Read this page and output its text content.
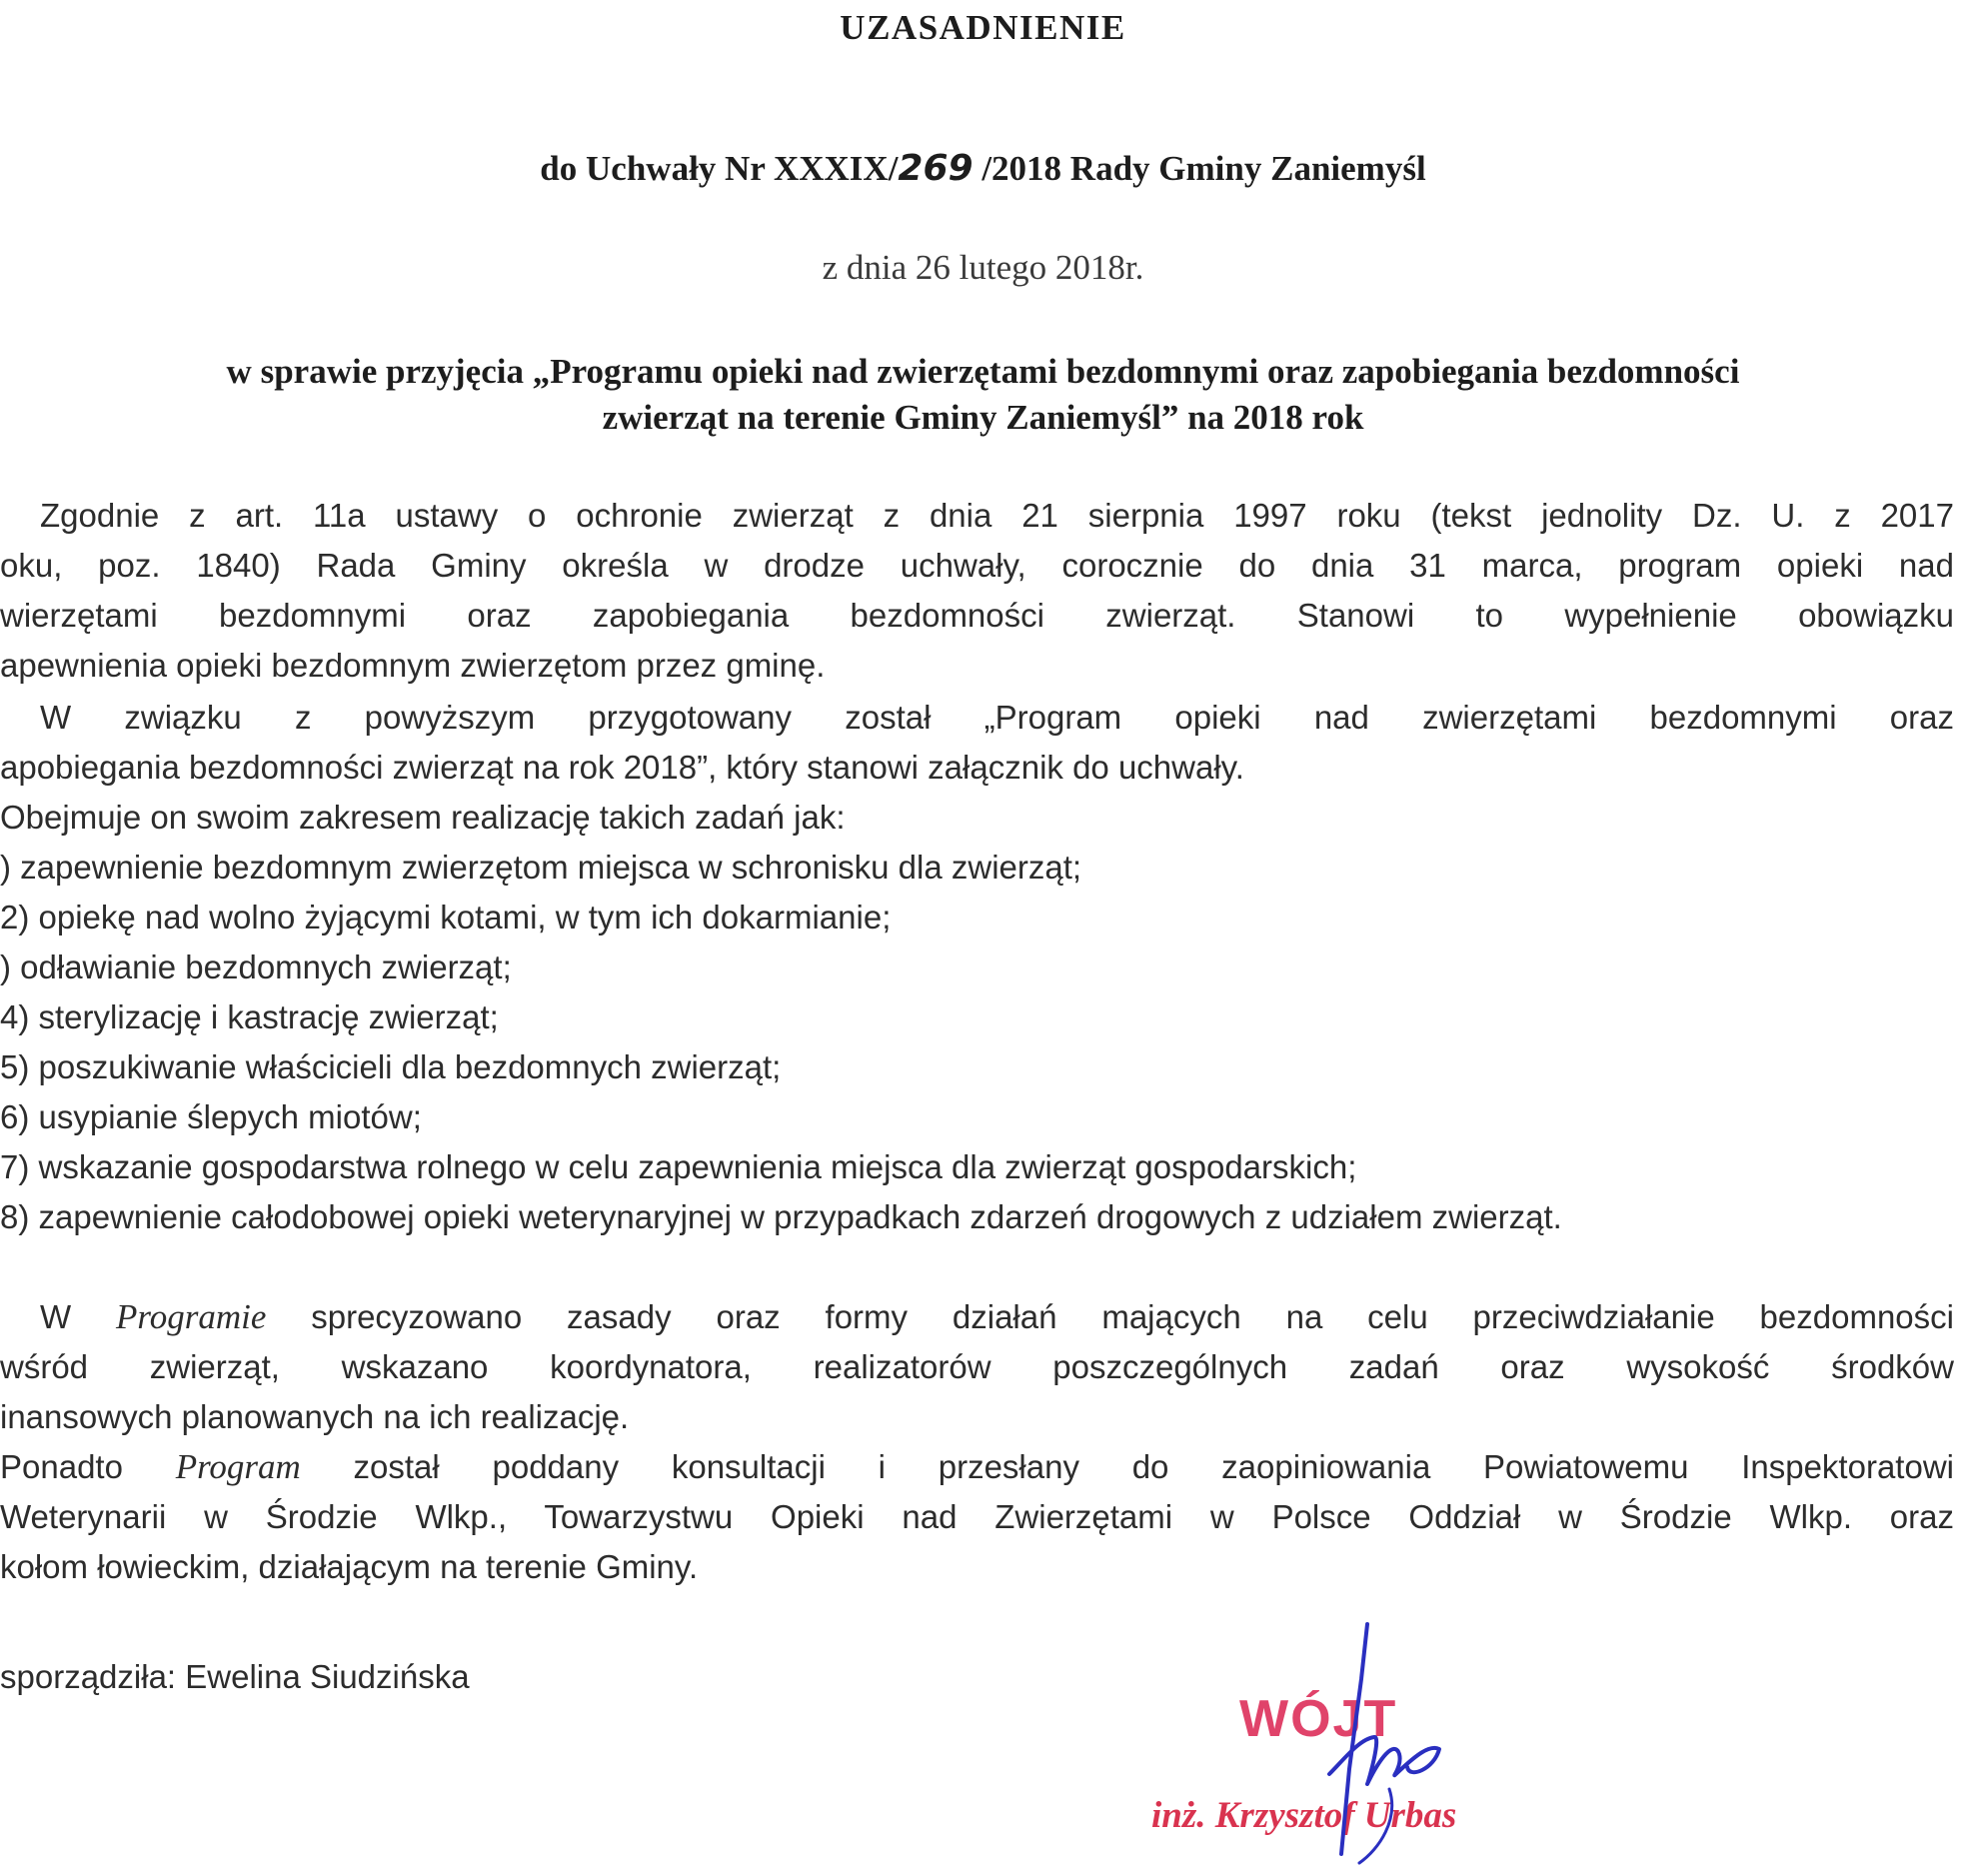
UZASADNIENIE
do Uchwały Nr XXXIX/269 /2018 Rady Gminy Zaniemyśl
z dnia 26 lutego 2018r.
w sprawie przyjęcia „Programu opieki nad zwierzętami bezdomnymi oraz zapobiegania bezdomności
zwierząt na terenie Gminy Zaniemyśl” na 2018 rok
Zgodnie z art. 11a ustawy o ochronie zwierząt z dnia 21 sierpnia 1997 roku (tekst jednolity Dz. U. z 2017
oku, poz. 1840) Rada Gminy określa w drodze uchwały, corocznie do dnia 31 marca, program opieki nad
wierzętami bezdomnymi oraz zapobiegania bezdomności zwierząt. Stanowi to wypełnienie obowiązku
apewnienia opieki bezdomnym zwierzętom przez gminę.
W związku z powyższym przygotowany został „Program opieki nad zwierzętami bezdomnymi oraz
apobiegania bezdomności zwierząt na rok 2018”, który stanowi załącznik do uchwały.
Obejmuje on swoim zakresem realizację takich zadań jak:
) zapewnienie bezdomnym zwierzętom miejsca w schronisku dla zwierząt;
2) opiekę nad wolno żyjącymi kotami, w tym ich dokarmianie;
) odławianie bezdomnych zwierząt;
4) sterylizację i kastrację zwierząt;
5) poszukiwanie właścicieli dla bezdomnych zwierząt;
6) usypianie ślepych miotów;
7) wskazanie gospodarstwa rolnego w celu zapewnienia miejsca dla zwierząt gospodarskich;
8) zapewnienie całodobowej opieki weterynaryjnej w przypadkach zdarzeń drogowych z udziałem zwierząt.
W Programie sprecyzowano zasady oraz formy działań mających na celu przeciwdziałanie bezdomności
wśród zwierząt, wskazano koordynatora, realizatorów poszczególnych zadań oraz wysokość środków
inansowych planowanych na ich realizację.
Ponadto Program został poddany konsultacji i przesłany do zaopiniowania Powiatowemu Inspektoratowi
Weterynarii w Środzie Wlkp., Towarzystwu Opieki nad Zwierzętami w Polsce Oddział w Środzie Wlkp. oraz
kołom łowieckim, działającym na terenie Gminy.
sporządziła: Ewelina Siudzińska
WÓJT
inż. Krzysztof Urbas
